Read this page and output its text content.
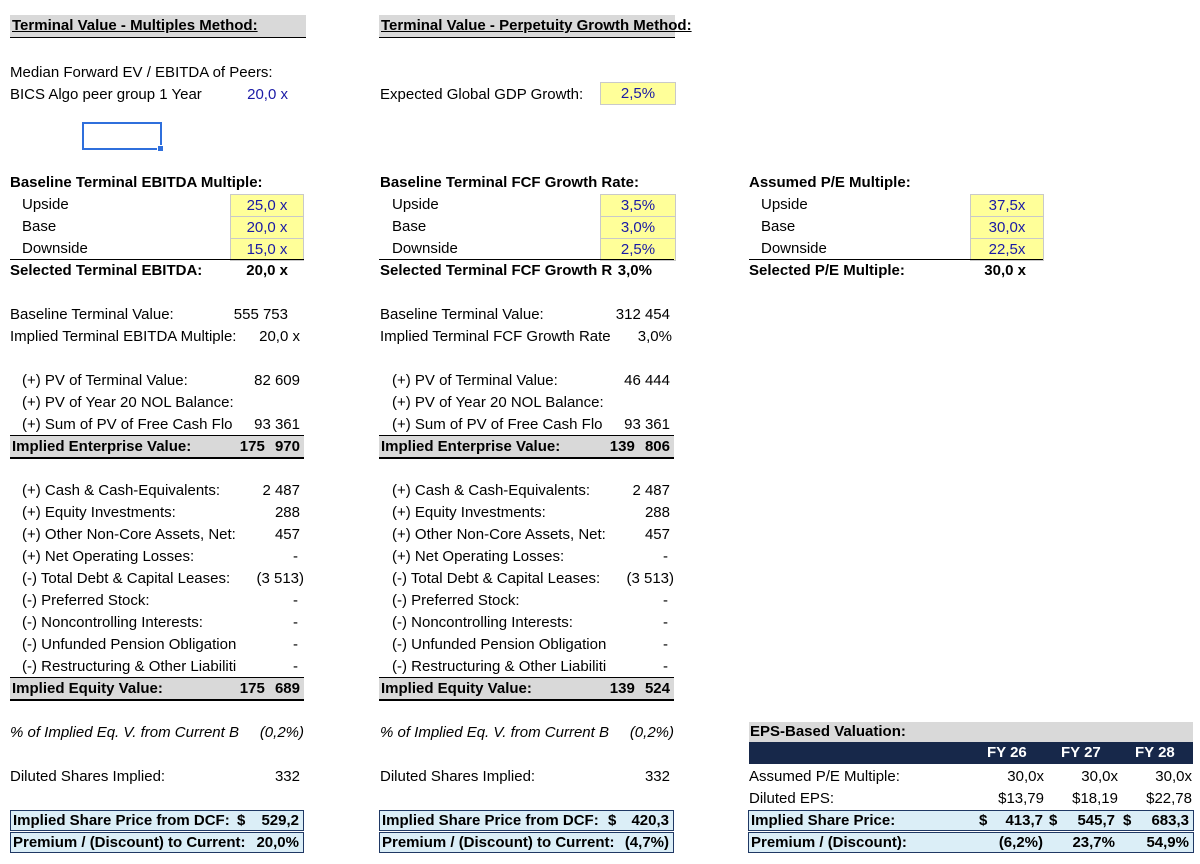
Terminal Value - Multiples Method:
Median Forward EV / EBITDA of Peers:
BICS Algo peer group 1 Year	20,0 x
Baseline Terminal EBITDA Multiple:
Upside	25,0 x
Base	20,0 x
Downside	15,0 x
Selected Terminal EBITDA:	20,0 x
Baseline Terminal Value:	555 753
Implied Terminal EBITDA Multiple:	20,0 x
(+) PV of Terminal Value:	82 609
(+) PV of Year 20 NOL Balance:
(+) Sum of PV of Free Cash Flo	93 361
Implied Enterprise Value:	175 970
(+) Cash & Cash-Equivalents:	2 487
(+) Equity Investments:	288
(+) Other Non-Core Assets, Net:	457
(+) Net Operating Losses:	-
(-) Total Debt & Capital Leases:	(3 513)
(-) Preferred Stock:	-
(-) Noncontrolling Interests:	-
(-) Unfunded Pension Obligation	-
(-) Restructuring & Other Liabiliti	-
Implied Equity Value:	175 689
% of Implied Eq. V. from Current B	(0,2%)
Diluted Shares Implied:	332
Implied Share Price from DCF: $ 529,2
Premium / (Discount) to Current: 20,0%
Terminal Value - Perpetuity Growth Method:
Expected Global GDP Growth:	2,5%
Baseline Terminal FCF Growth Rate:
Upside	3,5%
Base	3,0%
Downside	2,5%
Selected Terminal FCF Growth R 3,0%
Baseline Terminal Value:	312 454
Implied Terminal FCF Growth Rate	3,0%
(+) PV of Terminal Value:	46 444
(+) PV of Year 20 NOL Balance:
(+) Sum of PV of Free Cash Flo	93 361
Implied Enterprise Value:	139 806
(+) Cash & Cash-Equivalents:	2 487
(+) Equity Investments:	288
(+) Other Non-Core Assets, Net:	457
(+) Net Operating Losses:	-
(-) Total Debt & Capital Leases:	(3 513)
(-) Preferred Stock:	-
(-) Noncontrolling Interests:	-
(-) Unfunded Pension Obligation	-
(-) Restructuring & Other Liabiliti	-
Implied Equity Value:	139 524
% of Implied Eq. V. from Current B	(0,2%)
Diluted Shares Implied:	332
Implied Share Price from DCF: $ 420,3
Premium / (Discount) to Current: (4,7%)
Assumed P/E Multiple:
Upside	37,5x
Base	30,0x
Downside	22,5x
Selected P/E Multiple:	30,0 x
EPS-Based Valuation:
FY 26 FY 27 FY 28
Assumed P/E Multiple:	30,0x	30,0x	30,0x
Diluted EPS:	$13,79	$18,19	$22,78
Implied Share Price:	$ 413,7 $ 545,7 $ 683,3
Premium / (Discount):	(6,2%) 23,7% 54,9%
